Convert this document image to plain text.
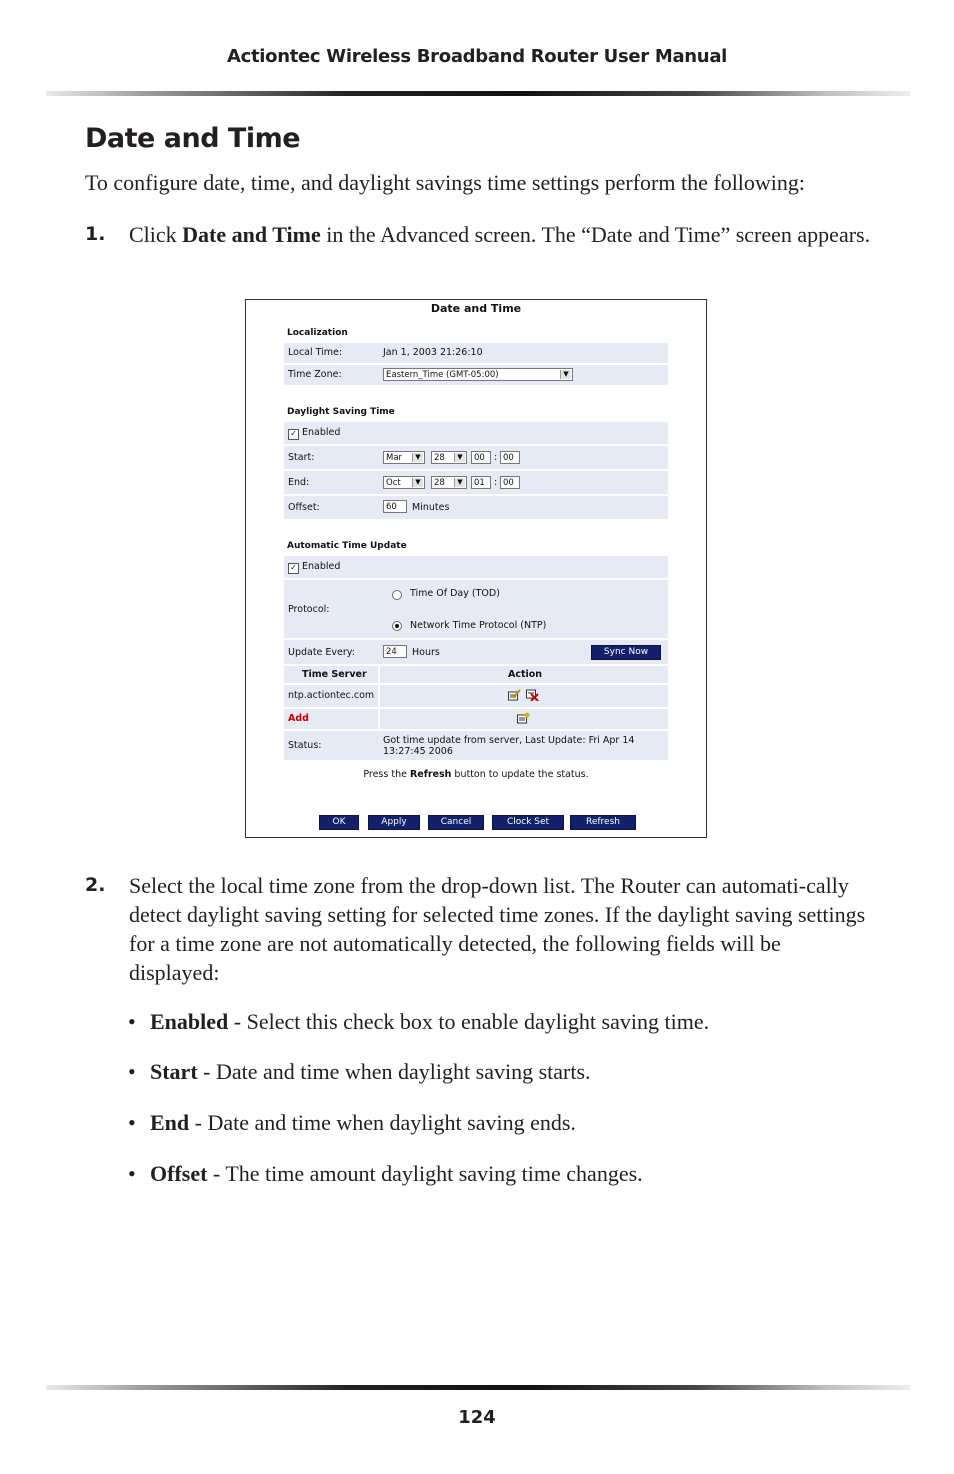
Actiontec Wireless Broadband Router User Manual
Date and Time
To configure date, time, and daylight savings time settings perform the following:
1. Click Date and Time in the Advanced screen. The “Date and Time” screen appears.
Date and Time
Localization
Local Time:	Jan 1, 2003 21:26:10
Time Zone:	Eastern_Time (GMT-05:00)	▼
Daylight Saving Time
✓ Enabled
Start:	Mar	▼	28	▼	00 : 00
End:	Oct	▼	28	▼	01 : 00
Offset:	60	Minutes
Automatic Time Update
✓ Enabled
Protocol:
Time Of Day (TOD)
Network Time Protocol (NTP)
Update Every:	24	Hours	Sync Now
Time Server	Action
ntp.actiontec.com
Add
Status:	Got time update from server, Last Update: Fri Apr 14 13:27:45 2006
Press the Refresh button to update the status.
OK	Apply	Cancel	Clock Set	Refresh
2. Select the local time zone from the drop-down list. The Router can automati-cally detect daylight saving setting for selected time zones. If the daylight saving settings for a time zone are not automatically detected, the following fields will be displayed:
• Enabled - Select this check box to enable daylight saving time.
• Start - Date and time when daylight saving starts.
• End - Date and time when daylight saving ends.
• Offset - The time amount daylight saving time changes.
124
